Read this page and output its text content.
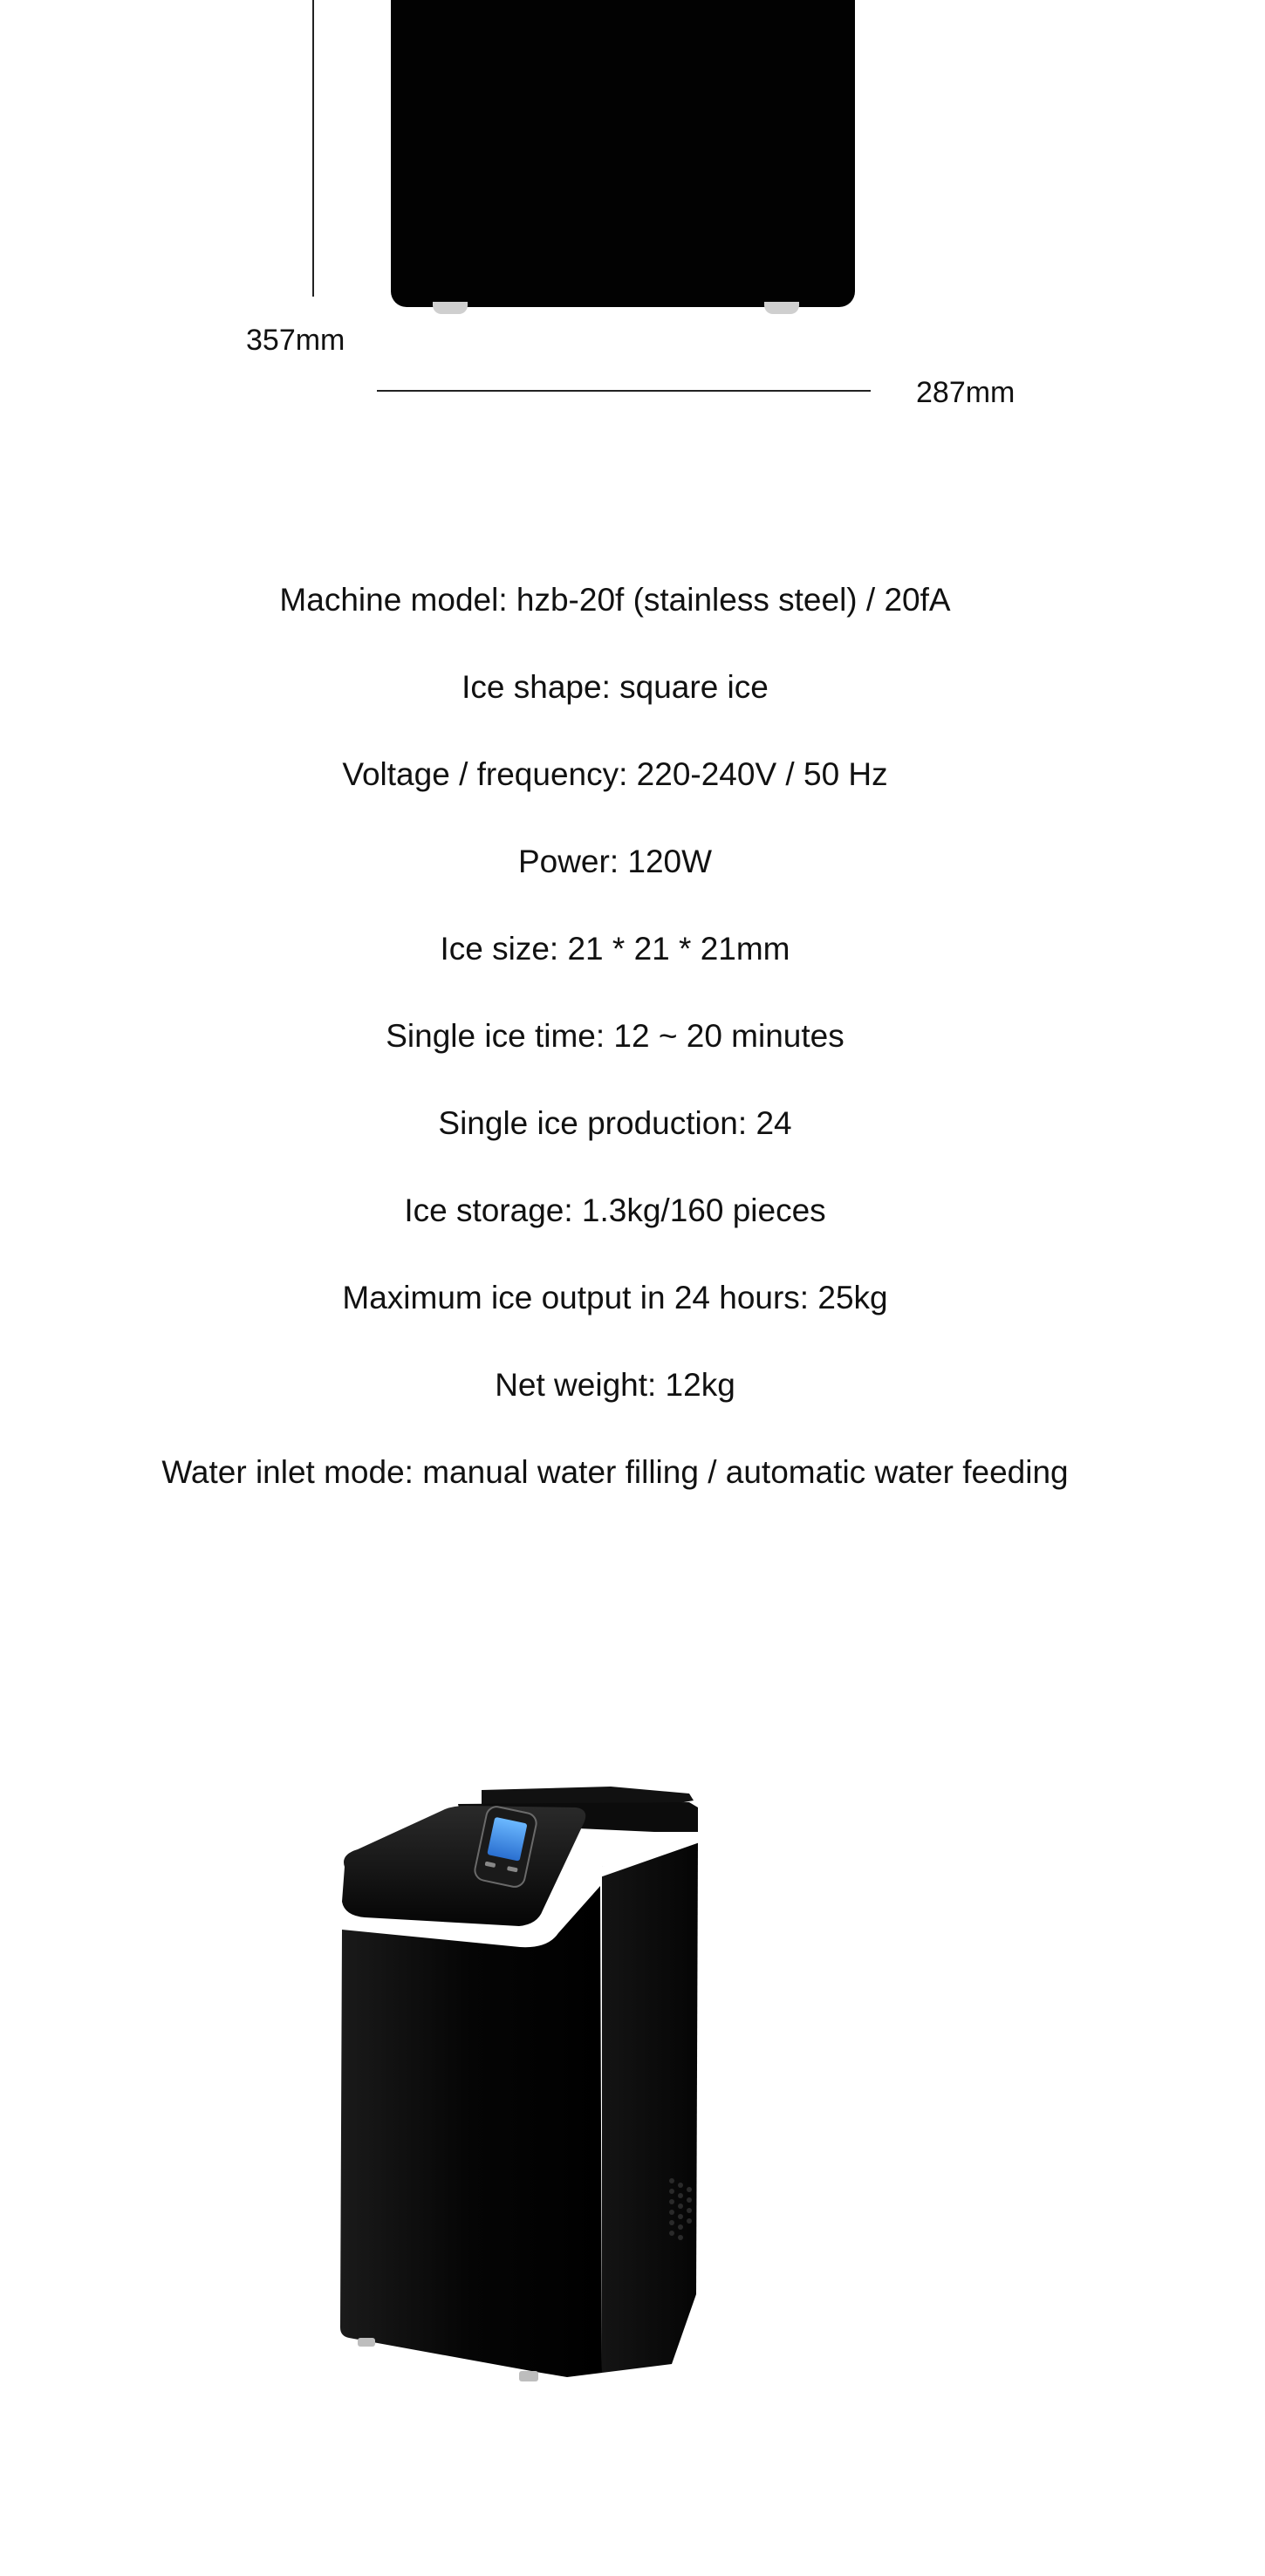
357mm
287mm
Machine model: hzb-20f (stainless steel) / 20fA
Ice shape: square ice
Voltage / frequency: 220-240V / 50 Hz
Power: 120W
Ice size: 21 * 21 * 21mm
Single ice time: 12 ~ 20 minutes
Single ice production: 24
Ice storage: 1.3kg/160 pieces
Maximum ice output in 24 hours: 25kg
Net weight: 12kg
Water inlet mode: manual water filling / automatic water feeding
